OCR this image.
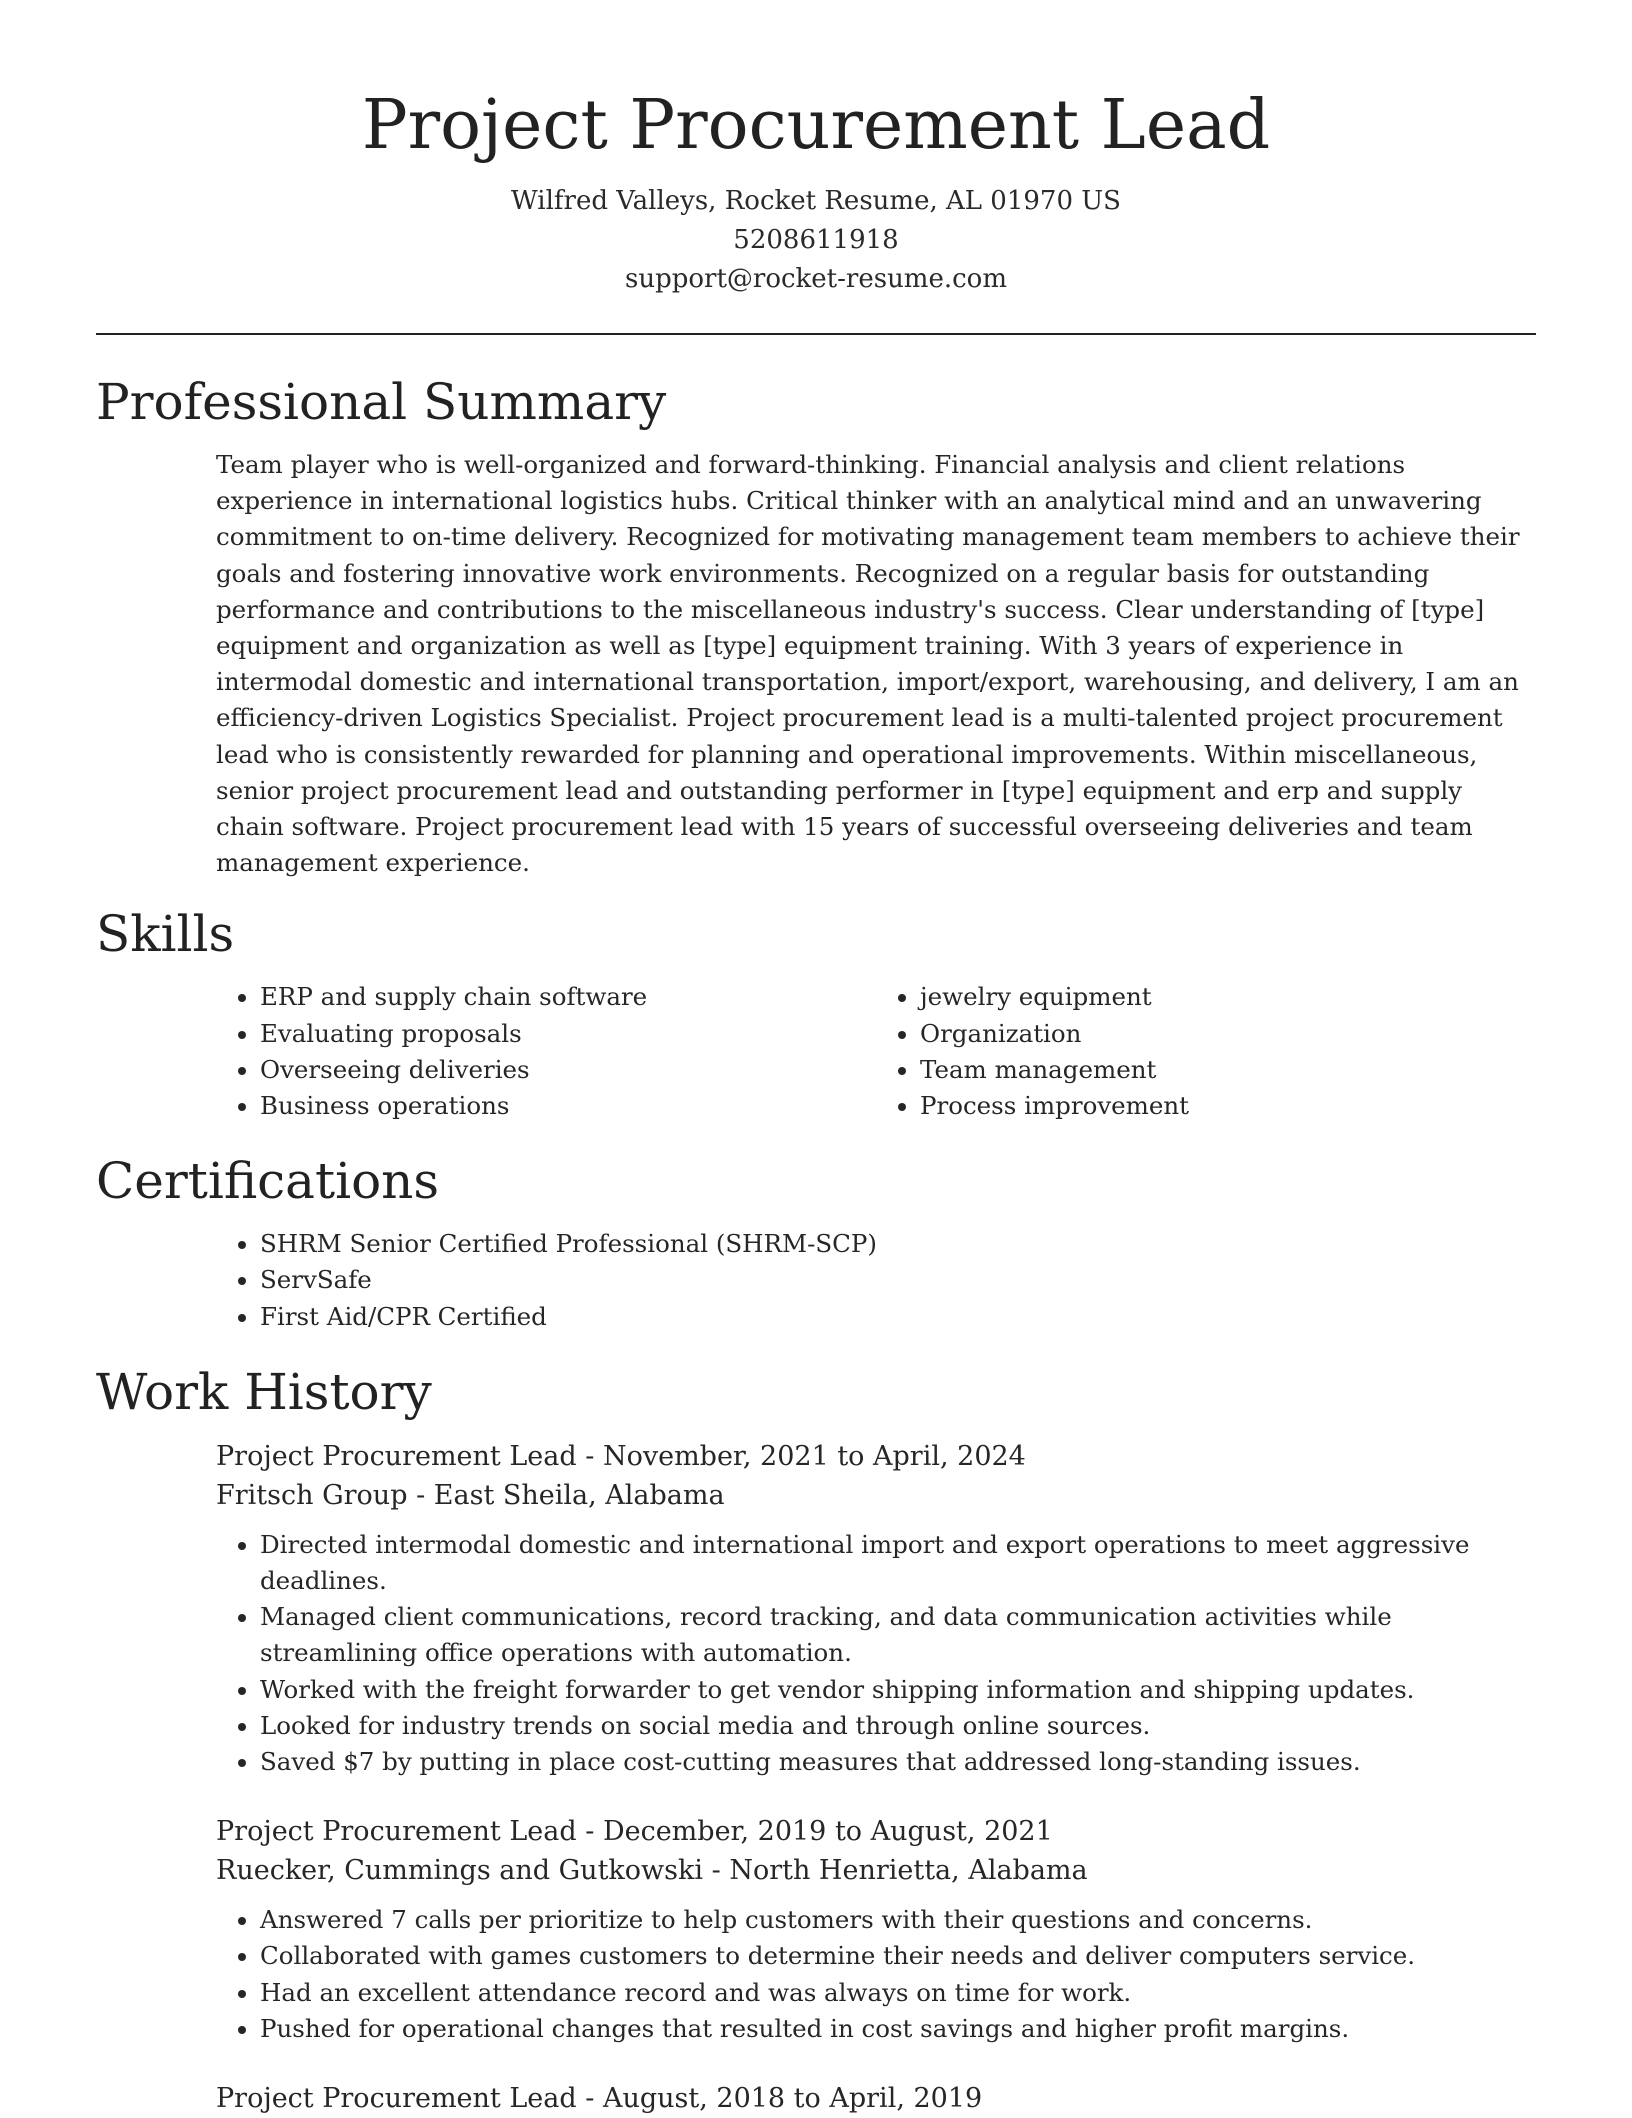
Project Procurement Lead
Wilfred Valleys, Rocket Resume, AL 01970 US
5208611918
support@rocket-resume.com
Professional Summary

Team player who is well-organized and forward-thinking. Financial analysis and client relations experience in international logistics hubs. Critical thinker with an analytical mind and an unwavering commitment to on-time delivery. Recognized for motivating management team members to achieve their goals and fostering innovative work environments. Recognized on a regular basis for outstanding performance and contributions to the miscellaneous industry's success. Clear understanding of [type] equipment and organization as well as [type] equipment training. With 3 years of experience in intermodal domestic and international transportation, import/export, warehousing, and delivery, I am an efficiency-driven Logistics Specialist. Project procurement lead is a multi-talented project procurement lead who is consistently rewarded for planning and operational improvements. Within miscellaneous, senior project procurement lead and outstanding performer in [type] equipment and erp and supply chain software. Project procurement lead with 15 years of successful overseeing deliveries and team management experience.

Skills
• ERP and supply chain software
• Evaluating proposals
• Overseeing deliveries
• Business operations
• jewelry equipment
• Organization
• Team management
• Process improvement
Certifications
• SHRM Senior Certified Professional (SHRM-SCP)
• ServSafe
• First Aid/CPR Certified
Work History
Project Procurement Lead - November, 2021 to April, 2024
Fritsch Group - East Sheila, Alabama
• Directed intermodal domestic and international import and export operations to meet aggressive deadlines.
• Managed client communications, record tracking, and data communication activities while streamlining office operations with automation.
• Worked with the freight forwarder to get vendor shipping information and shipping updates.
• Looked for industry trends on social media and through online sources.
• Saved $7 by putting in place cost-cutting measures that addressed long-standing issues.
Project Procurement Lead - December, 2019 to August, 2021
Ruecker, Cummings and Gutkowski - North Henrietta, Alabama
• Answered 7 calls per prioritize to help customers with their questions and concerns.
• Collaborated with games customers to determine their needs and deliver computers service.
• Had an excellent attendance record and was always on time for work.
• Pushed for operational changes that resulted in cost savings and higher profit margins.
Project Procurement Lead - August, 2018 to April, 2019
